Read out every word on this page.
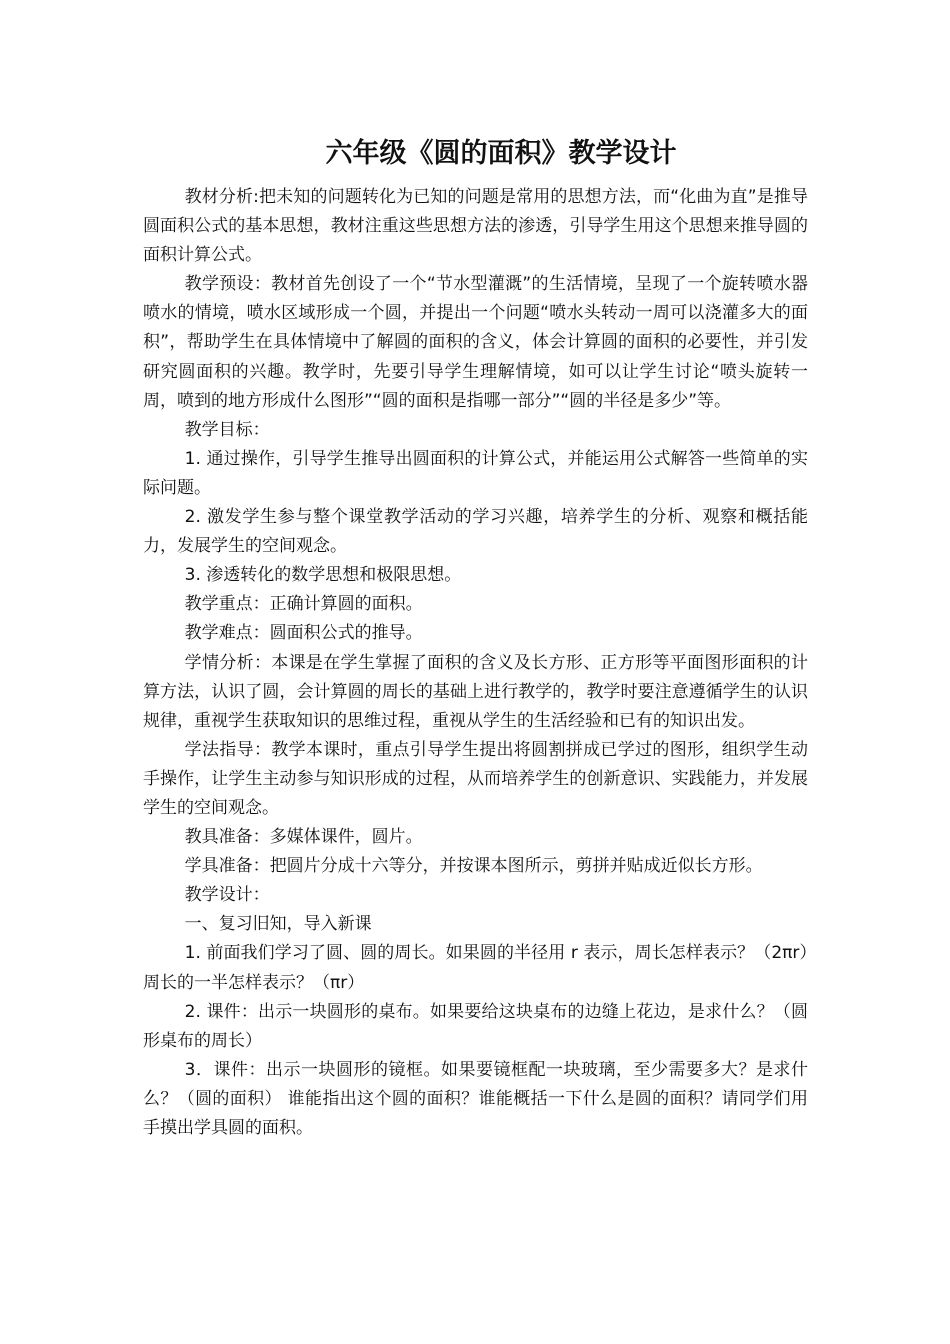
六年级《圆的面积》教学设计

教材分析:把未知的问题转化为已知的问题是常用的思想方法，而“化曲为直”是推导圆面积公式的基本思想，教材注重这些思想方法的渗透，引导学生用这个思想来推导圆的面积计算公式。

教学预设：教材首先创设了一个“节水型灌溉”的生活情境，呈现了一个旋转喷水器喷水的情境，喷水区域形成一个圆，并提出一个问题“喷水头转动一周可以浇灌多大的面积”，帮助学生在具体情境中了解圆的面积的含义，体会计算圆的面积的必要性，并引发研究圆面积的兴趣。教学时，先要引导学生理解情境，如可以让学生讨论“喷头旋转一周，喷到的地方形成什么图形”“圆的面积是指哪一部分”“圆的半径是多少”等。

教学目标：

1. 通过操作，引导学生推导出圆面积的计算公式，并能运用公式解答一些简单的实际问题。

2. 激发学生参与整个课堂教学活动的学习兴趣，培养学生的分析、观察和概括能力，发展学生的空间观念。

3. 渗透转化的数学思想和极限思想。

教学重点：正确计算圆的面积。

教学难点：圆面积公式的推导。

学情分析：本课是在学生掌握了面积的含义及长方形、正方形等平面图形面积的计算方法，认识了圆，会计算圆的周长的基础上进行教学的，教学时要注意遵循学生的认识规律，重视学生获取知识的思维过程，重视从学生的生活经验和已有的知识出发。

学法指导：教学本课时，重点引导学生提出将圆割拼成已学过的图形，组织学生动手操作，让学生主动参与知识形成的过程，从而培养学生的创新意识、实践能力，并发展学生的空间观念。

教具准备：多媒体课件，圆片。

学具准备：把圆片分成十六等分，并按课本图所示，剪拼并贴成近似长方形。

教学设计：

一、复习旧知，导入新课

1. 前面我们学习了圆、圆的周长。如果圆的半径用 r 表示，周长怎样表示？（2πr）周长的一半怎样表示？（πr）

2. 课件：出示一块圆形的桌布。如果要给这块桌布的边缝上花边，是求什么？（圆形桌布的周长）

3．课件：出示一块圆形的镜框。如果要镜框配一块玻璃，至少需要多大？是求什么？（圆的面积） 谁能指出这个圆的面积？谁能概括一下什么是圆的面积？请同学们用手摸出学具圆的面积。
